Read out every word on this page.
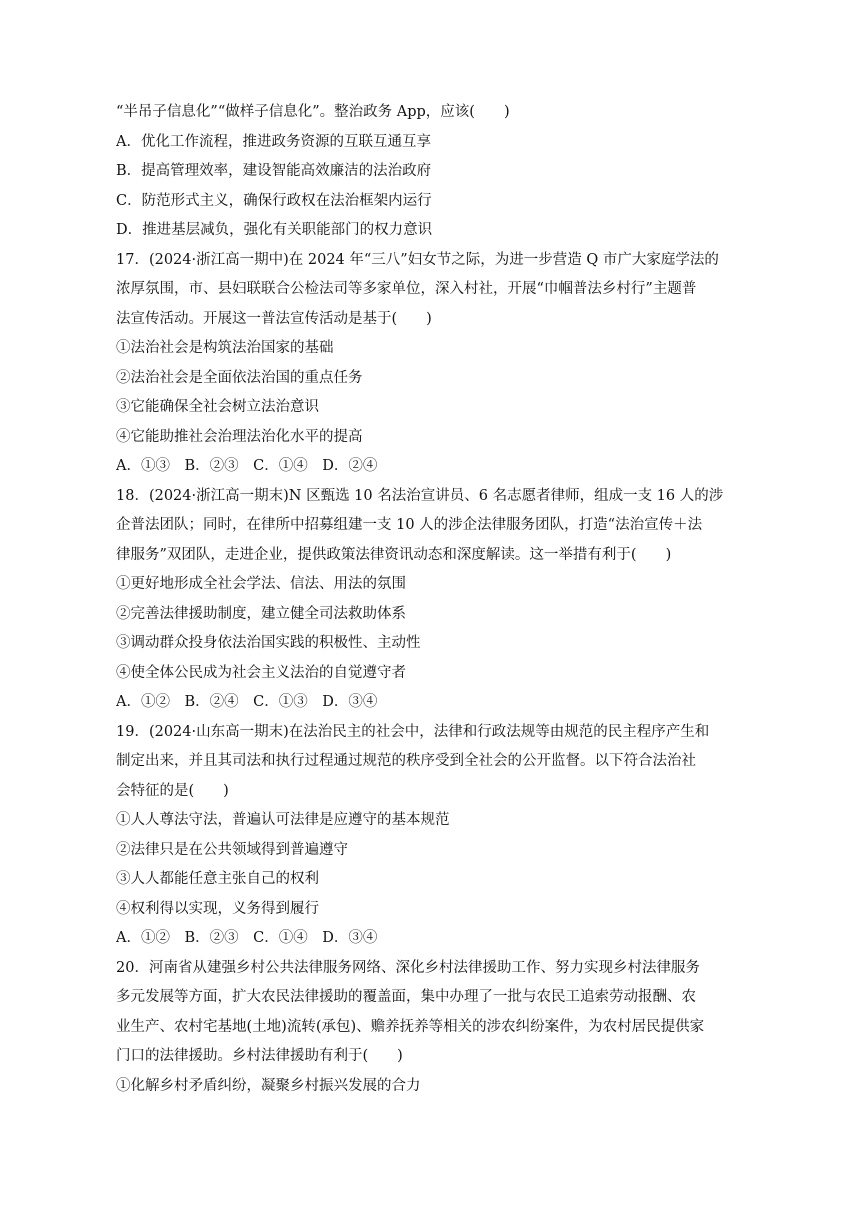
“半吊子信息化”“做样子信息化”。整治政务 App，应该(　　)
A．优化工作流程，推进政务资源的互联互通互享
B．提高管理效率，建设智能高效廉洁的法治政府
C．防范形式主义，确保行政权在法治框架内运行
D．推进基层减负，强化有关职能部门的权力意识
17．(2024·浙江高一期中)在 2024 年“三八”妇女节之际，为进一步营造 Q 市广大家庭学法的
浓厚氛围，市、县妇联联合公检法司等多家单位，深入村社，开展“巾帼普法乡村行”主题普
法宣传活动。开展这一普法宣传活动是基于(　　)
①法治社会是构筑法治国家的基础
②法治社会是全面依法治国的重点任务
③它能确保全社会树立法治意识
④它能助推社会治理法治化水平的提高
A．①③　B．②③　C．①④　D．②④
18．(2024·浙江高一期末)N 区甄选 10 名法治宣讲员、6 名志愿者律师，组成一支 16 人的涉
企普法团队；同时，在律所中招募组建一支 10 人的涉企法律服务团队，打造“法治宣传＋法
律服务”双团队，走进企业，提供政策法律资讯动态和深度解读。这一举措有利于(　　)
①更好地形成全社会学法、信法、用法的氛围
②完善法律援助制度，建立健全司法救助体系
③调动群众投身依法治国实践的积极性、主动性
④使全体公民成为社会主义法治的自觉遵守者
A．①②　B．②④　C．①③　D．③④
19．(2024·山东高一期末)在法治民主的社会中，法律和行政法规等由规范的民主程序产生和
制定出来，并且其司法和执行过程通过规范的秩序受到全社会的公开监督。以下符合法治社
会特征的是(　　)
①人人尊法守法，普遍认可法律是应遵守的基本规范
②法律只是在公共领域得到普遍遵守
③人人都能任意主张自己的权利
④权利得以实现，义务得到履行
A．①②　B．②③　C．①④　D．③④
20．河南省从建强乡村公共法律服务网络、深化乡村法律援助工作、努力实现乡村法律服务
多元发展等方面，扩大农民法律援助的覆盖面，集中办理了一批与农民工追索劳动报酬、农
业生产、农村宅基地(土地)流转(承包)、赡养抚养等相关的涉农纠纷案件，为农村居民提供家
门口的法律援助。乡村法律援助有利于(　　)
①化解乡村矛盾纠纷，凝聚乡村振兴发展的合力
